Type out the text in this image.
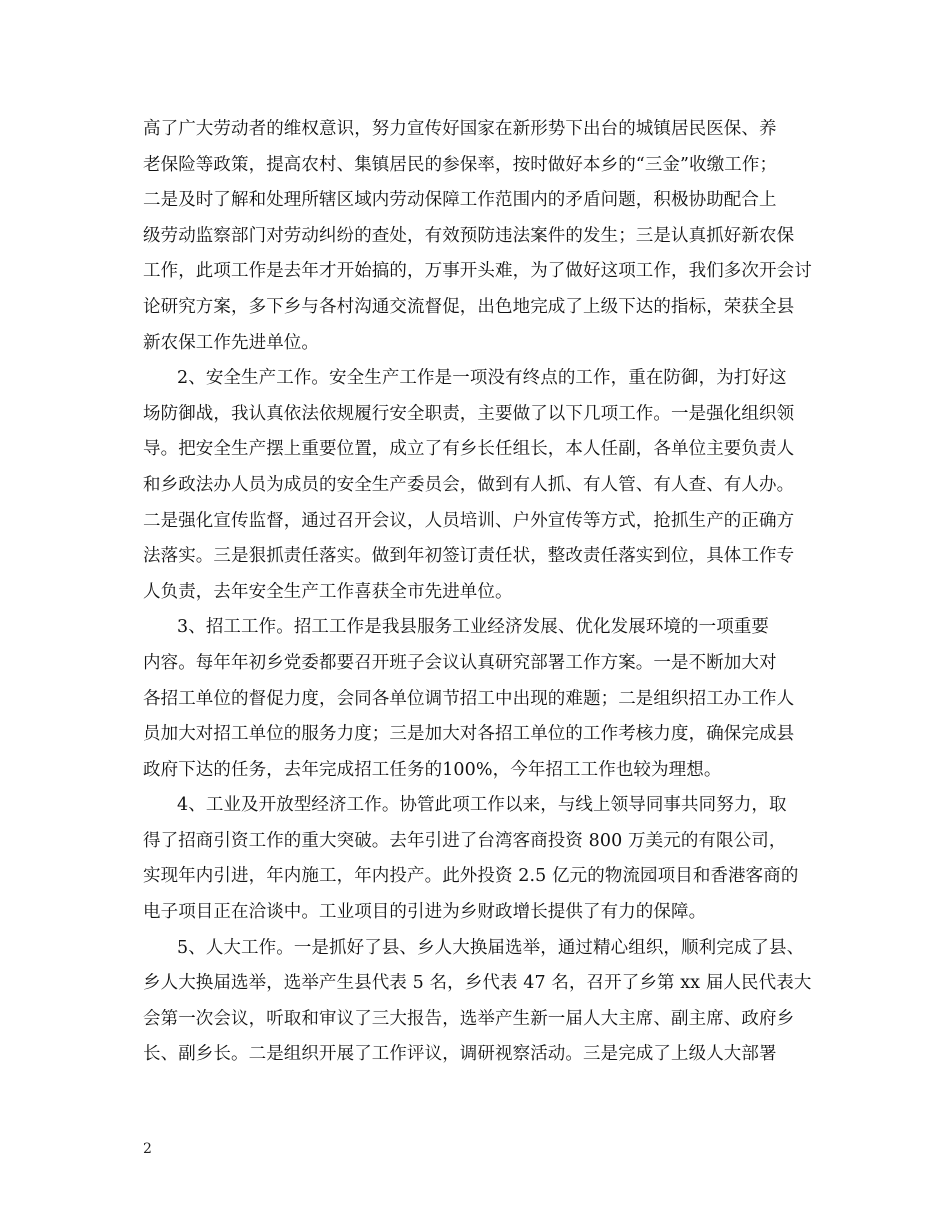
高了广大劳动者的维权意识，努力宣传好国家在新形势下出台的城镇居民医保、养
老保险等政策，提高农村、集镇居民的参保率，按时做好本乡的“三金”收缴工作；
二是及时了解和处理所辖区域内劳动保障工作范围内的矛盾问题，积极协助配合上
级劳动监察部门对劳动纠纷的查处，有效预防违法案件的发生；三是认真抓好新农保
工作，此项工作是去年才开始搞的，万事开头难，为了做好这项工作，我们多次开会讨
论研究方案，多下乡与各村沟通交流督促，出色地完成了上级下达的指标，荣获全县
新农保工作先进单位。
2、安全生产工作。安全生产工作是一项没有终点的工作，重在防御，为打好这
场防御战，我认真依法依规履行安全职责，主要做了以下几项工作。一是强化组织领
导。把安全生产摆上重要位置，成立了有乡长任组长，本人任副，各单位主要负责人
和乡政法办人员为成员的安全生产委员会，做到有人抓、有人管、有人查、有人办。
二是强化宣传监督，通过召开会议，人员培训、户外宣传等方式，抢抓生产的正确方
法落实。三是狠抓责任落实。做到年初签订责任状，整改责任落实到位，具体工作专
人负责，去年安全生产工作喜获全市先进单位。
3、招工工作。招工工作是我县服务工业经济发展、优化发展环境的一项重要
内容。每年年初乡党委都要召开班子会议认真研究部署工作方案。一是不断加大对
各招工单位的督促力度，会同各单位调节招工中出现的难题；二是组织招工办工作人
员加大对招工单位的服务力度；三是加大对各招工单位的工作考核力度，确保完成县
政府下达的任务，去年完成招工任务的100%，今年招工工作也较为理想。
4、工业及开放型经济工作。协管此项工作以来，与线上领导同事共同努力，取
得了招商引资工作的重大突破。去年引进了台湾客商投资 800 万美元的有限公司，
实现年内引进，年内施工，年内投产。此外投资 2.5 亿元的物流园项目和香港客商的
电子项目正在洽谈中。工业项目的引进为乡财政增长提供了有力的保障。
5、人大工作。一是抓好了县、乡人大换届选举，通过精心组织，顺利完成了县、
乡人大换届选举，选举产生县代表 5 名，乡代表 47 名，召开了乡第 xx 届人民代表大
会第一次会议，听取和审议了三大报告，选举产生新一届人大主席、副主席、政府乡
长、副乡长。二是组织开展了工作评议，调研视察活动。三是完成了上级人大部署
2
